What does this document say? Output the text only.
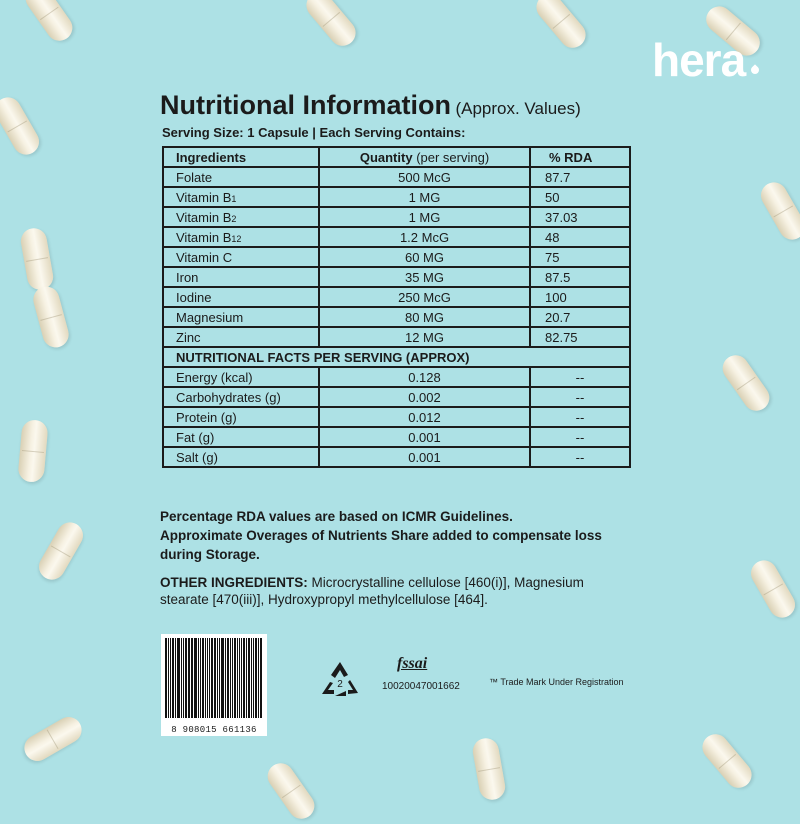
hera
Nutritional Information (Approx. Values)
Serving Size: 1 Capsule | Each Serving Contains:
Ingredients	Quantity (per serving)	% RDA
Folate	500 McG	87.7
Vitamin B1	1 MG	50
Vitamin B2	1 MG	37.03
Vitamin B12	1.2 McG	48
Vitamin C	60 MG	75
Iron	35 MG	87.5
Iodine	250 McG	100
Magnesium	80 MG	20.7
Zinc	12 MG	82.75
NUTRITIONAL FACTS PER SERVING (APPROX)		
Energy (kcal)	0.128	--
Carbohydrates (g)	0.002	--
Protein (g)	0.012	--
Fat (g)	0.001	--
Salt (g)	0.001	--
Percentage RDA values are based on ICMR Guidelines.
Approximate Overages of Nutrients Share added to compensate loss during Storage.
OTHER INGREDIENTS: Microcrystalline cellulose [460(i)], Magnesium stearate [470(iii)], Hydroxypropyl methylcellulose [464].
8 908015 661136
2
fssai
10020047001662	™ Trade Mark Under Registration
